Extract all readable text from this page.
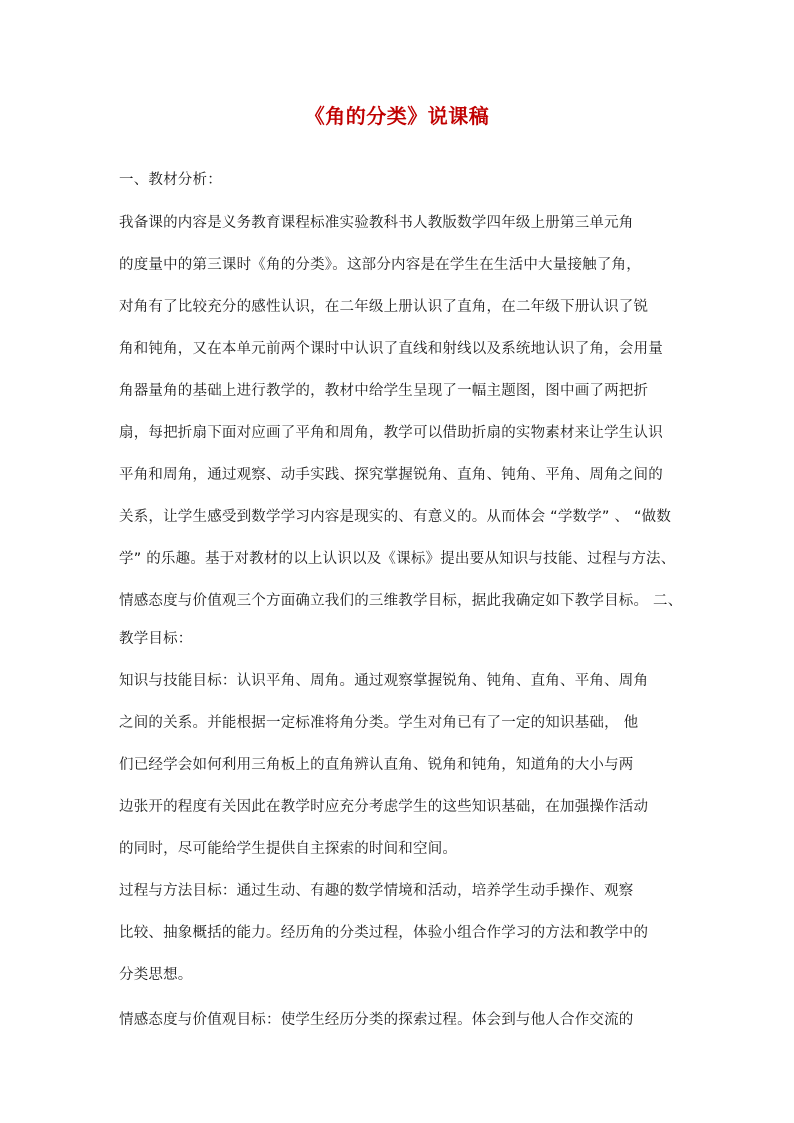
《角的分类》说课稿
一、教材分析：
我备课的内容是义务教育课程标准实验教科书人教版数学四年级上册第三单元角
的度量中的第三课时《角的分类》。这部分内容是在学生在生活中大量接触了角，
对角有了比较充分的感性认识，在二年级上册认识了直角，在二年级下册认识了锐
角和钝角，又在本单元前两个课时中认识了直线和射线以及系统地认识了角，会用量
角器量角的基础上进行教学的，教材中给学生呈现了一幅主题图，图中画了两把折
扇，每把折扇下面对应画了平角和周角，教学可以借助折扇的实物素材来让学生认识
平角和周角，通过观察、动手实践、探究掌握锐角、直角、钝角、平角、周角之间的
关系，让学生感受到数学学习内容是现实的、有意义的。从而体会 “学数学” 、 “做数
学” 的乐趣。基于对教材的以上认识以及《课标》提出要从知识与技能、过程与方法、
情感态度与价值观三个方面确立我们的三维教学目标，据此我确定如下教学目标。 二、
教学目标：
知识与技能目标：认识平角、周角。通过观察掌握锐角、钝角、直角、平角、周角
之间的关系。并能根据一定标准将角分类。学生对角已有了一定的知识基础， 他
们已经学会如何利用三角板上的直角辨认直角、锐角和钝角，知道角的大小与两
边张开的程度有关因此在教学时应充分考虑学生的这些知识基础，在加强操作活动
的同时，尽可能给学生提供自主探索的时间和空间。
过程与方法目标：通过生动、有趣的数学情境和活动，培养学生动手操作、观察
比较、抽象概括的能力。经历角的分类过程，体验小组合作学习的方法和教学中的
分类思想。
情感态度与价值观目标：使学生经历分类的探索过程。体会到与他人合作交流的
